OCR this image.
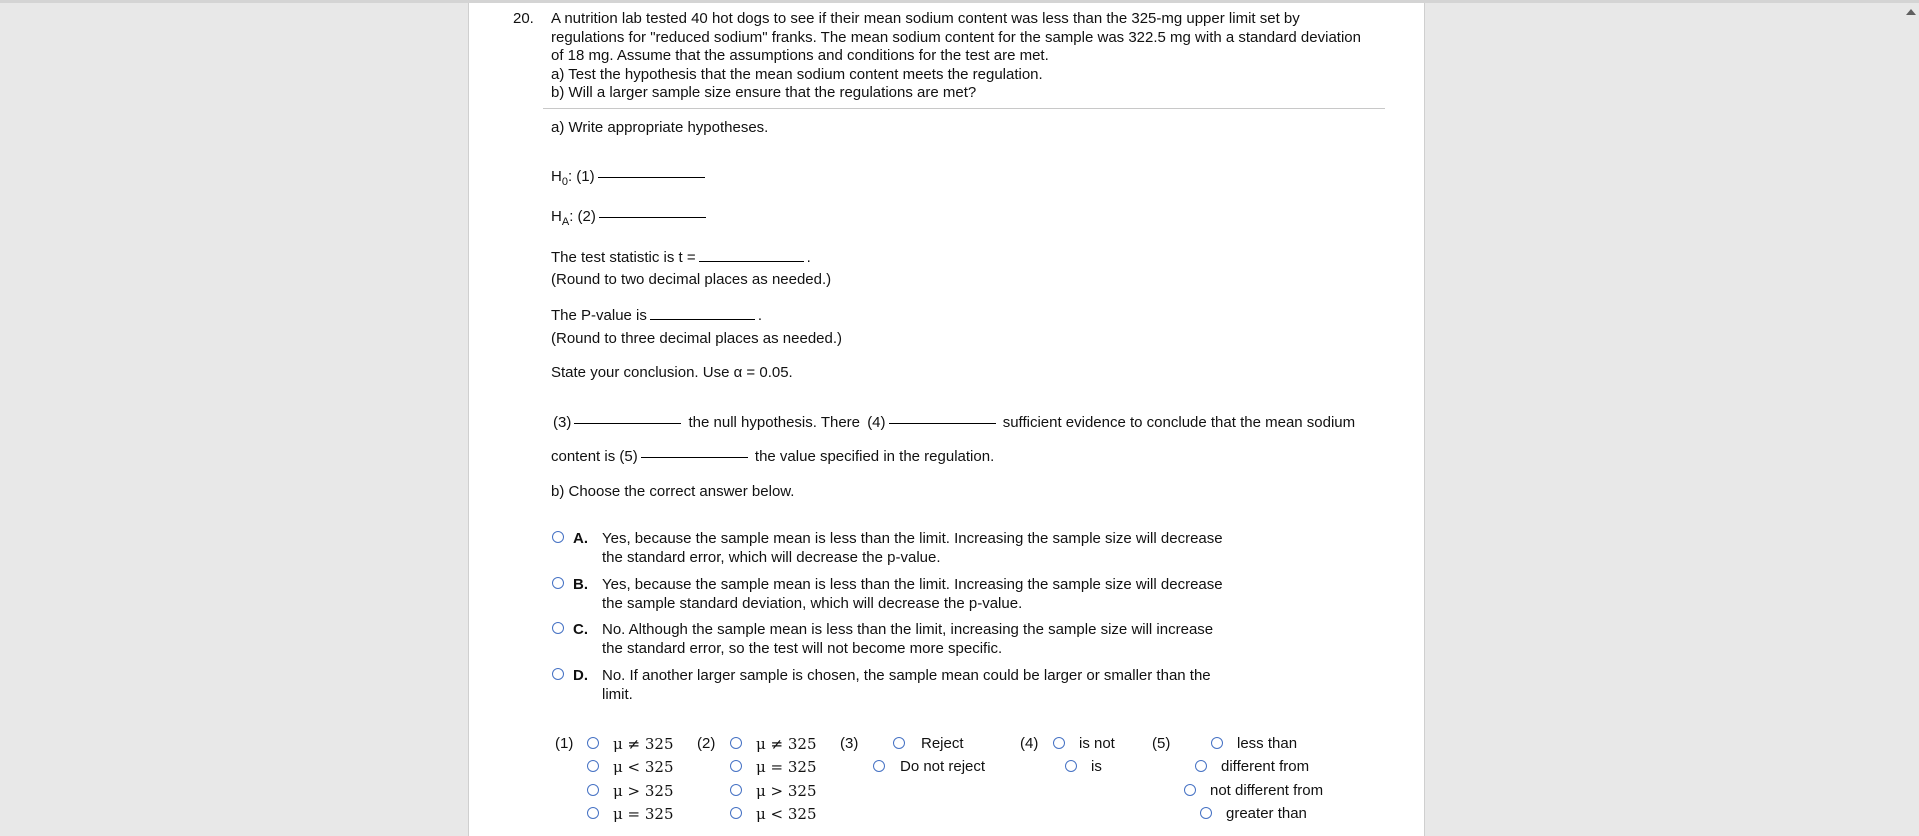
20. A nutrition lab tested 40 hot dogs to see if their mean sodium content was less than the 325-mg upper limit set by
regulations for "reduced sodium" franks. The mean sodium content for the sample was 322.5 mg with a standard deviation
of 18 mg. Assume that the assumptions and conditions for the test are met.
a) Test the hypothesis that the mean sodium content meets the regulation.
b) Will a larger sample size ensure that the regulations are met?
a) Write appropriate hypotheses.
$H_0$: (1)
$H_A$: (2)
The test statistic is t =	.
(Round to two decimal places as needed.)
The P-value is	.
(Round to three decimal places as needed.)
State your conclusion. Use α = 0.05.
(3)	the null hypothesis. There (4)	sufficient evidence to conclude that the mean sodium
content is (5)	the value specified in the regulation.
b) Choose the correct answer below.
A. Yes, because the sample mean is less than the limit. Increasing the sample size will decrease
the standard error, which will decrease the p-value.
B. Yes, because the sample mean is less than the limit. Increasing the sample size will decrease
the sample standard deviation, which will decrease the p-value.
C. No. Although the sample mean is less than the limit, increasing the sample size will increase
the standard error, so the test will not become more specific.
D. No. If another larger sample is chosen, the sample mean could be larger or smaller than the
limit.
(1)	μ ≠ 325
μ < 325
μ > 325
μ = 325
(2)	μ ≠ 325
μ = 325
μ > 325
μ < 325
(3)	Reject
Do not reject
(4)	is not
is
(5)	less than
different from
not different from
greater than
